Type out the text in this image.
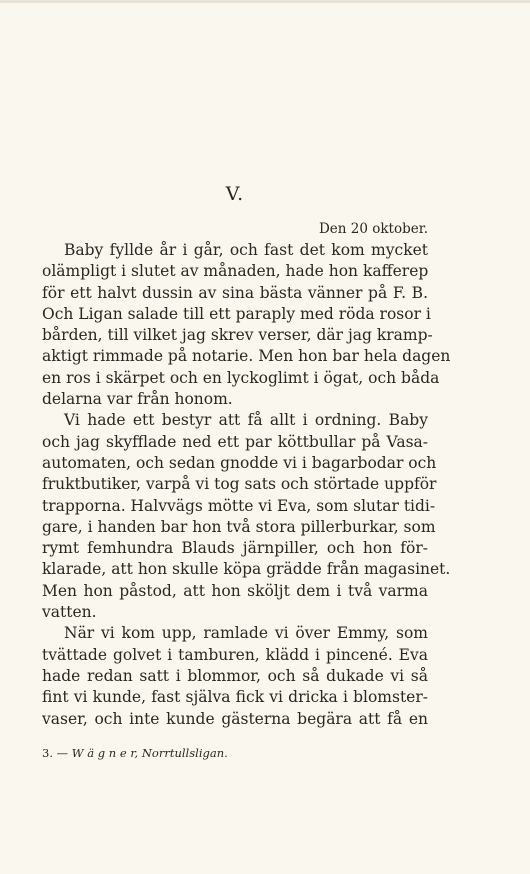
V.
Den 20 oktober.
Baby fyllde år i går, och fast det kom mycket
olämpligt i slutet av månaden, hade hon kafferep
för ett halvt dussin av sina bästa vänner på F. B.
Och Ligan salade till ett paraply med röda rosor i
bården, till vilket jag skrev verser, där jag kramp-
aktigt rimmade på notarie. Men hon bar hela dagen
en ros i skärpet och en lyckoglimt i ögat, och båda
delarna var från honom.
Vi hade ett bestyr att få allt i ordning. Baby
och jag skyfflade ned ett par köttbullar på Vasa-
automaten, och sedan gnodde vi i bagarbodar och
fruktbutiker, varpå vi tog sats och störtade uppför
trapporna. Halvvägs mötte vi Eva, som slutar tidi-
gare, i handen bar hon två stora pillerburkar, som
rymt femhundra Blauds järnpiller, och hon för-
klarade, att hon skulle köpa grädde från magasinet.
Men hon påstod, att hon sköljt dem i två varma
vatten.
När vi kom upp, ramlade vi över Emmy, som
tvättade golvet i tamburen, klädd i pincené. Eva
hade redan satt i blommor, och så dukade vi så
fint vi kunde, fast själva fick vi dricka i blomster-
vaser, och inte kunde gästerna begära att få en
3. — W ä g n e r, Norrtullsligan.
